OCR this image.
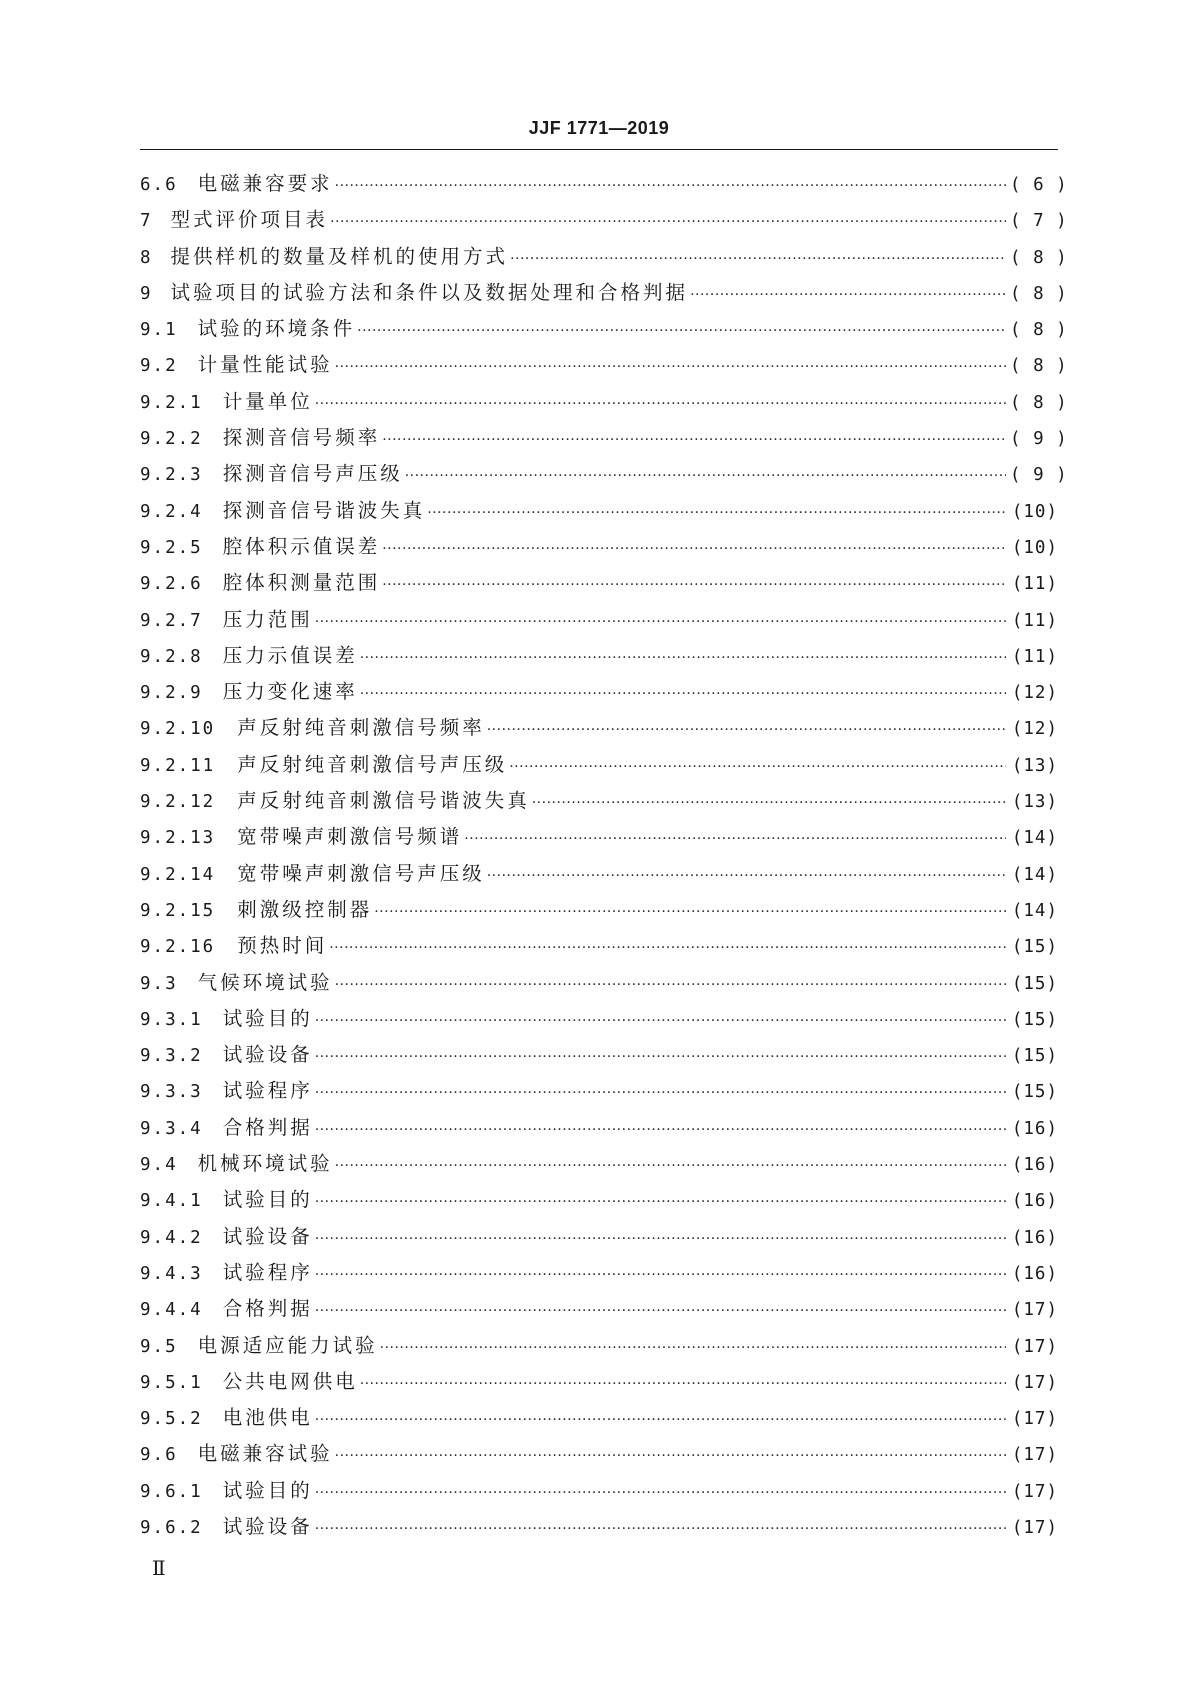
JJF 1771—2019
6.6 电磁兼容要求 ·····	( 6 )
7 型式评价项目表 ·····	( 7 )
8 提供样机的数量及样机的使用方式 ·····	( 8 )
9 试验项目的试验方法和条件以及数据处理和合格判据 ·····	( 8 )
9.1 试验的环境条件 ·····	( 8 )
9.2 计量性能试验 ·····	( 8 )
9.2.1 计量单位 ·····	( 8 )
9.2.2 探测音信号频率 ·····	( 9 )
9.2.3 探测音信号声压级 ·····	( 9 )
9.2.4 探测音信号谐波失真 ·····	(10)
9.2.5 腔体积示值误差 ·····	(10)
9.2.6 腔体积测量范围 ·····	(11)
9.2.7 压力范围 ·····	(11)
9.2.8 压力示值误差 ·····	(11)
9.2.9 压力变化速率 ·····	(12)
9.2.10 声反射纯音刺激信号频率 ·····	(12)
9.2.11 声反射纯音刺激信号声压级 ·····	(13)
9.2.12 声反射纯音刺激信号谐波失真 ·····	(13)
9.2.13 宽带噪声刺激信号频谱 ·····	(14)
9.2.14 宽带噪声刺激信号声压级 ·····	(14)
9.2.15 刺激级控制器 ·····	(14)
9.2.16 预热时间 ·····	(15)
9.3 气候环境试验 ·····	(15)
9.3.1 试验目的 ·····	(15)
9.3.2 试验设备 ·····	(15)
9.3.3 试验程序 ·····	(15)
9.3.4 合格判据 ·····	(16)
9.4 机械环境试验 ·····	(16)
9.4.1 试验目的 ·····	(16)
9.4.2 试验设备 ·····	(16)
9.4.3 试验程序 ·····	(16)
9.4.4 合格判据 ·····	(17)
9.5 电源适应能力试验 ·····	(17)
9.5.1 公共电网供电 ·····	(17)
9.5.2 电池供电 ·····	(17)
9.6 电磁兼容试验 ·····	(17)
9.6.1 试验目的 ·····	(17)
9.6.2 试验设备 ·····	(17)
Ⅱ
